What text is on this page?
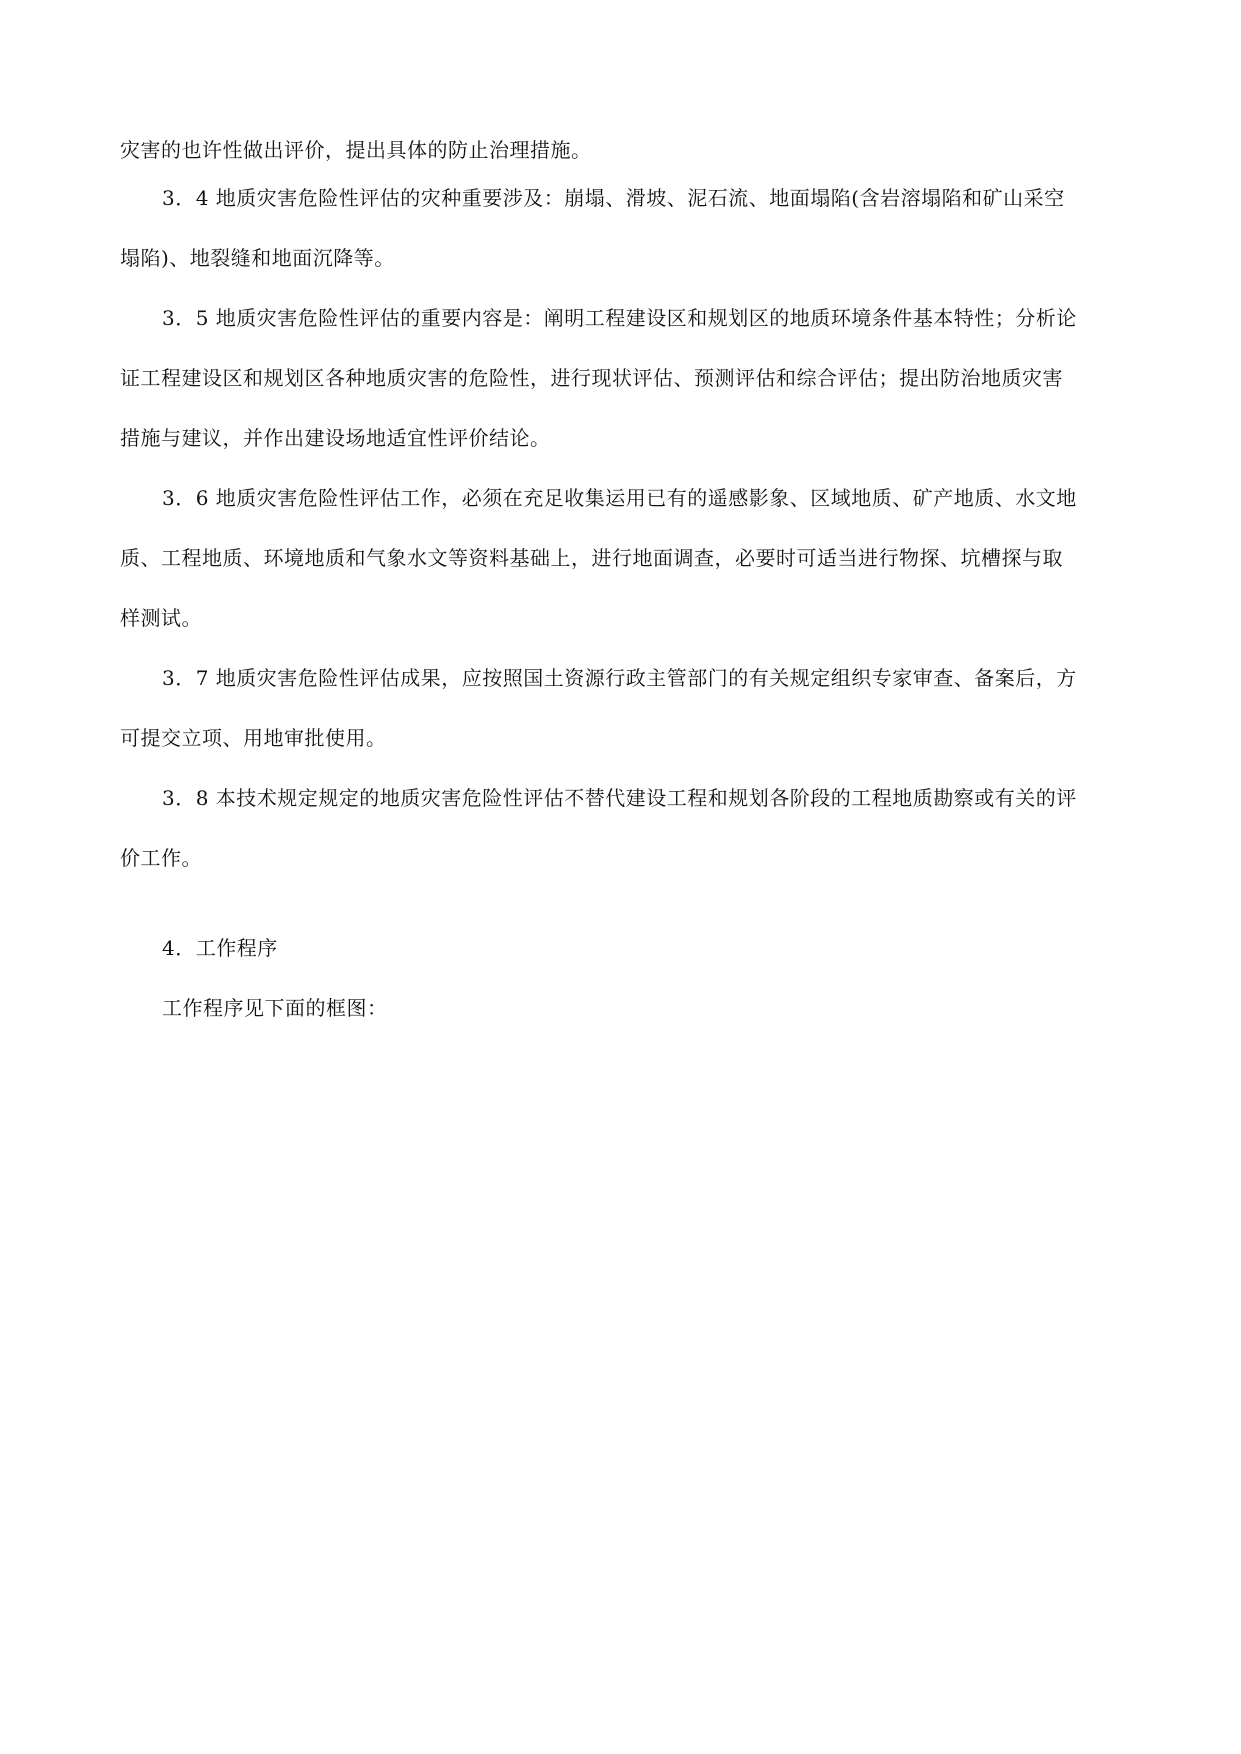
灾害的也许性做出评价，提出具体的防止治理措施。
3．4 地质灾害危险性评估的灾种重要涉及：崩塌、滑坡、泥石流、地面塌陷(含岩溶塌陷和矿山采空
塌陷)、地裂缝和地面沉降等。
3．5 地质灾害危险性评估的重要内容是：阐明工程建设区和规划区的地质环境条件基本特性；分析论
证工程建设区和规划区各种地质灾害的危险性，进行现状评估、预测评估和综合评估；提出防治地质灾害
措施与建议，并作出建设场地适宜性评价结论。
3．6 地质灾害危险性评估工作，必须在充足收集运用已有的遥感影象、区域地质、矿产地质、水文地
质、工程地质、环境地质和气象水文等资料基础上，进行地面调查，必要时可适当进行物探、坑槽探与取
样测试。
3．7 地质灾害危险性评估成果，应按照国土资源行政主管部门的有关规定组织专家审查、备案后，方
可提交立项、用地审批使用。
3．8 本技术规定规定的地质灾害危险性评估不替代建设工程和规划各阶段的工程地质勘察或有关的评
价工作。
4．工作程序
工作程序见下面的框图：
